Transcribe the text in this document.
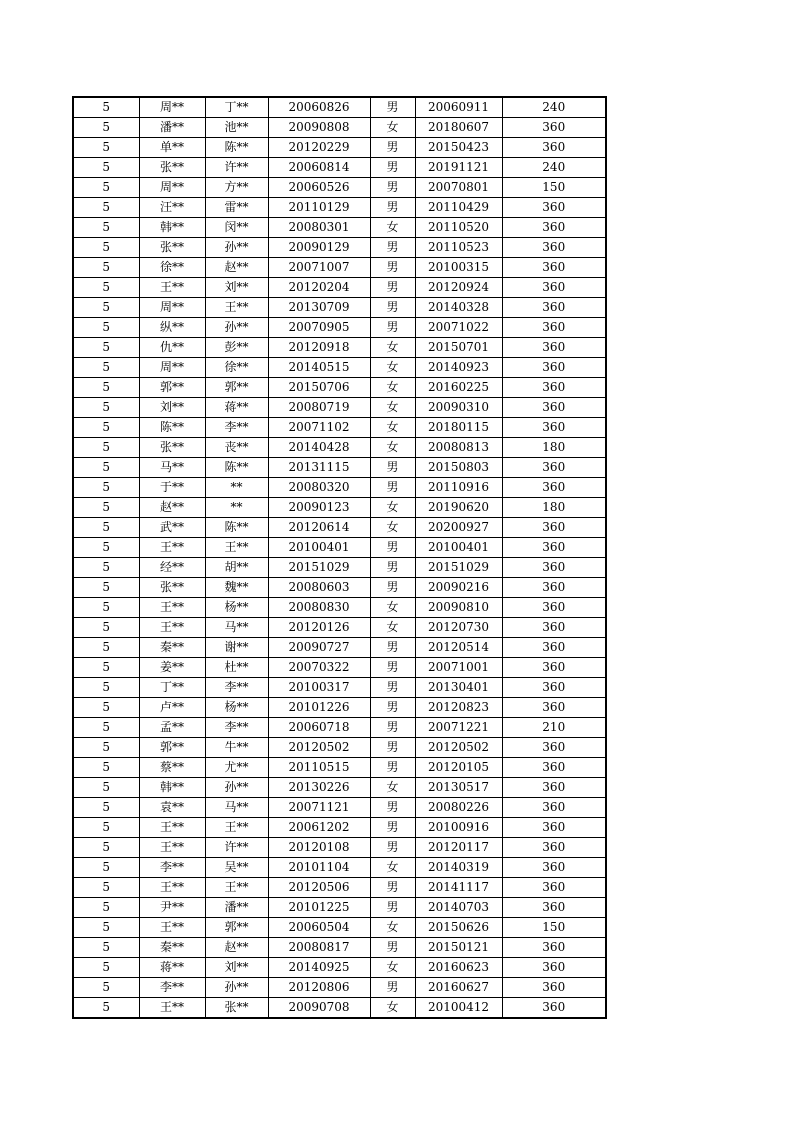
5	周**	丁**	20060826	男	20060911	240
5	潘**	池**	20090808	女	20180607	360
5	单**	陈**	20120229	男	20150423	360
5	张**	许**	20060814	男	20191121	240
5	周**	方**	20060526	男	20070801	150
5	汪**	雷**	20110129	男	20110429	360
5	韩**	闵**	20080301	女	20110520	360
5	张**	孙**	20090129	男	20110523	360
5	徐**	赵**	20071007	男	20100315	360
5	王**	刘**	20120204	男	20120924	360
5	周**	王**	20130709	男	20140328	360
5	纵**	孙**	20070905	男	20071022	360
5	仇**	彭**	20120918	女	20150701	360
5	周**	徐**	20140515	女	20140923	360
5	郭**	郭**	20150706	女	20160225	360
5	刘**	蒋**	20080719	女	20090310	360
5	陈**	李**	20071102	女	20180115	360
5	张**	丧**	20140428	女	20080813	180
5	马**	陈**	20131115	男	20150803	360
5	于**	**	20080320	男	20110916	360
5	赵**	**	20090123	女	20190620	180
5	武**	陈**	20120614	女	20200927	360
5	王**	王**	20100401	男	20100401	360
5	经**	胡**	20151029	男	20151029	360
5	张**	魏**	20080603	男	20090216	360
5	王**	杨**	20080830	女	20090810	360
5	王**	马**	20120126	女	20120730	360
5	秦**	谢**	20090727	男	20120514	360
5	姜**	杜**	20070322	男	20071001	360
5	丁**	李**	20100317	男	20130401	360
5	卢**	杨**	20101226	男	20120823	360
5	孟**	李**	20060718	男	20071221	210
5	郭**	牛**	20120502	男	20120502	360
5	蔡**	尤**	20110515	男	20120105	360
5	韩**	孙**	20130226	女	20130517	360
5	袁**	马**	20071121	男	20080226	360
5	王**	王**	20061202	男	20100916	360
5	王**	许**	20120108	男	20120117	360
5	李**	吴**	20101104	女	20140319	360
5	王**	王**	20120506	男	20141117	360
5	尹**	潘**	20101225	男	20140703	360
5	王**	郭**	20060504	女	20150626	150
5	秦**	赵**	20080817	男	20150121	360
5	蒋**	刘**	20140925	女	20160623	360
5	李**	孙**	20120806	男	20160627	360
5	王**	张**	20090708	女	20100412	360
